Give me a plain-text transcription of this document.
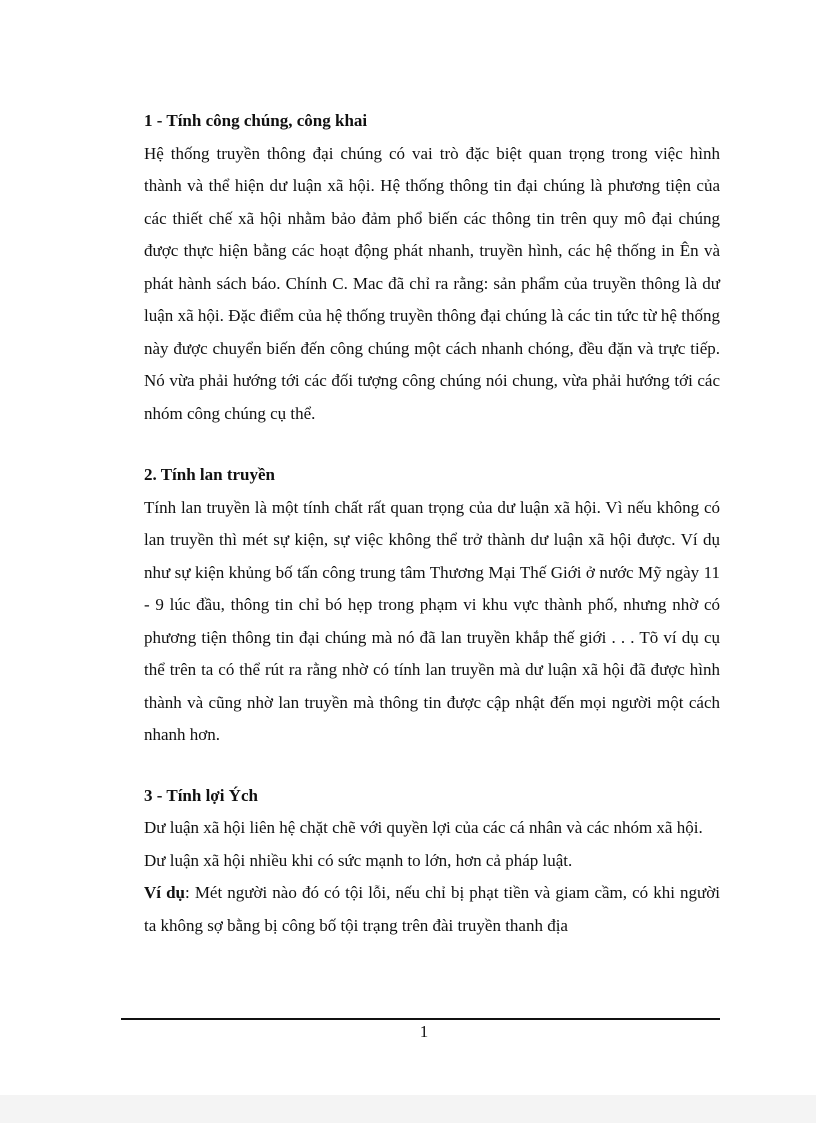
1 - Tính công chúng, công khai

Hệ thống truyền thông đại chúng có vai trò đặc biệt quan trọng trong việc hình thành và thể hiện dư luận xã hội. Hệ thống thông tin đại chúng là phương tiện của các thiết chế xã hội nhằm bảo đảm phổ biến các thông tin trên quy mô đại chúng được thực hiện bằng các hoạt động phát nhanh, truyền hình, các hệ thống in Ên và phát hành sách báo. Chính C. Mac đã chỉ ra rằng: sản phẩm của truyền thông là dư luận xã hội. Đặc điểm của hệ thống truyền thông đại chúng là các tin tức từ hệ thống này được chuyển biến đến công chúng một cách nhanh chóng, đều đặn và trực tiếp. Nó vừa phải hướng tới các đối tượng công chúng nói chung, vừa phải hướng tới các nhóm công chúng cụ thể.

2. Tính lan truyền

Tính lan truyền là một tính chất rất quan trọng của dư luận xã hội. Vì nếu không có lan truyền thì mét sự kiện, sự việc không thể trở thành dư luận xã hội được. Ví dụ như sự kiện khủng bố tấn công trung tâm Thương Mại Thế Giới ở nước Mỹ ngày 11 - 9 lúc đầu, thông tin chỉ bó hẹp trong phạm vi khu vực thành phố, nhưng nhờ có phương tiện thông tin đại chúng mà nó đã lan truyền khắp thế giới . . . Tõ ví dụ cụ thể trên ta có thể rút ra rằng nhờ có tính lan truyền mà dư luận xã hội đã được hình thành và cũng nhờ lan truyền mà thông tin được cập nhật đến mọi người một cách nhanh hơn.

3 - Tính lợi Ých

Dư luận xã hội liên hệ chặt chẽ với quyền lợi của các cá nhân và các nhóm xã hội.

Dư luận xã hội nhiều khi có sức mạnh to lớn, hơn cả pháp luật.

Ví dụ: Mét người nào đó có tội lỗi, nếu chỉ bị phạt tiền và giam cầm, có khi người ta không sợ bằng bị công bố tội trạng trên đài truyền thanh địa

1
